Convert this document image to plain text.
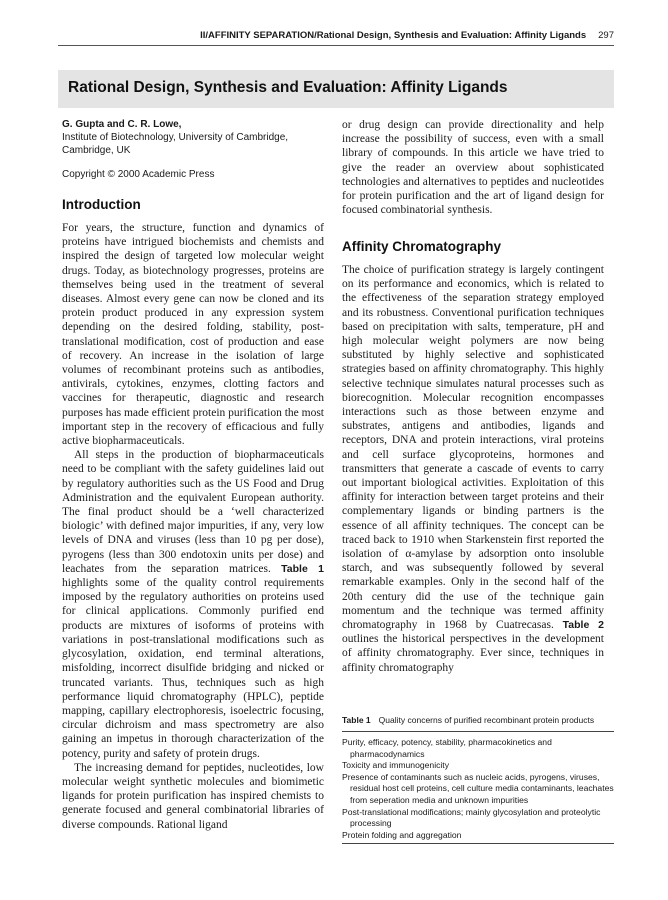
II/AFFINITY SEPARATION/Rational Design, Synthesis and Evaluation: Affinity Ligands 297
Rational Design, Synthesis and Evaluation: Affinity Ligands
G. Gupta and C. R. Lowe,
Institute of Biotechnology, University of Cambridge,
Cambridge, UK
Copyright © 2000 Academic Press
Introduction

For years, the structure, function and dynamics of proteins have intrigued biochemists and chemists and inspired the design of targeted low molecular weight drugs. Today, as biotechnology progresses, proteins are themselves being used in the treatment of several diseases. Almost every gene can now be cloned and its protein product produced in any expression system depending on the desired folding, stability, post-translational modification, cost of production and ease of recovery. An increase in the isolation of large volumes of recombinant proteins such as antibodies, antivirals, cytokines, enzymes, clotting factors and vaccines for therapeutic, diagnostic and research purposes has made efficient protein purification the most important step in the recovery of efficacious and fully active biopharmaceuticals.

All steps in the production of biopharmaceuticals need to be compliant with the safety guidelines laid out by regulatory authorities such as the US Food and Drug Administration and the equivalent European authority. The final product should be a ‘well characterized biologic’ with defined major impurities, if any, very low levels of DNA and viruses (less than 10 pg per dose), pyrogens (less than 300 endotoxin units per dose) and leachates from the separation matrices. Table 1 highlights some of the quality control requirements imposed by the regulatory authorities on proteins used for clinical applications. Commonly purified end products are mixtures of isoforms of proteins with variations in post-translational modifications such as glycosylation, oxidation, end terminal alterations, misfolding, incorrect disulfide bridging and nicked or truncated variants. Thus, techniques such as high performance liquid chromatography (HPLC), peptide mapping, capillary electrophoresis, isoelectric focusing, circular dichroism and mass spectrometry are also gaining an impetus in thorough characterization of the potency, purity and safety of protein drugs.

The increasing demand for peptides, nucleotides, low molecular weight synthetic molecules and biomimetic ligands for protein purification has inspired chemists to generate focused and general combinatorial libraries of diverse compounds. Rational ligand

or drug design can provide directionality and help increase the possibility of success, even with a small library of compounds. In this article we have tried to give the reader an overview about sophisticated technologies and alternatives to peptides and nucleotides for protein purification and the art of ligand design for focused combinatorial synthesis.

Affinity Chromatography

The choice of purification strategy is largely contingent on its performance and economics, which is related to the effectiveness of the separation strategy employed and its robustness. Conventional purification techniques based on precipitation with salts, temperature, pH and high molecular weight polymers are now being substituted by highly selective and sophisticated strategies based on affinity chromatography. This highly selective technique simulates natural processes such as biorecognition. Molecular recognition encompasses interactions such as those between enzyme and substrates, antigens and antibodies, ligands and receptors, DNA and protein interactions, viral proteins and cell surface glycoproteins, hormones and transmitters that generate a cascade of events to carry out important biological activities. Exploitation of this affinity for interaction between target proteins and their complementary ligands or binding partners is the essence of all affinity techniques. The concept can be traced back to 1910 when Starkenstein first reported the isolation of α-amylase by adsorption onto insoluble starch, and was subsequently followed by several remarkable examples. Only in the second half of the 20th century did the use of the technique gain momentum and the technique was termed affinity chromatography in 1968 by Cuatrecasas. Table 2 outlines the historical perspectives in the development of affinity chromatography. Ever since, techniques in affinity chromatography

Table 1 Quality concerns of purified recombinant protein products
Purity, efficacy, potency, stability, pharmacokinetics and pharmacodynamics
Toxicity and immunogenicity
Presence of contaminants such as nucleic acids, pyrogens, viruses, residual host cell proteins, cell culture media contaminants, leachates from seperation media and unknown impurities
Post-translational modifications; mainly glycosylation and proteolytic processing
Protein folding and aggregation
